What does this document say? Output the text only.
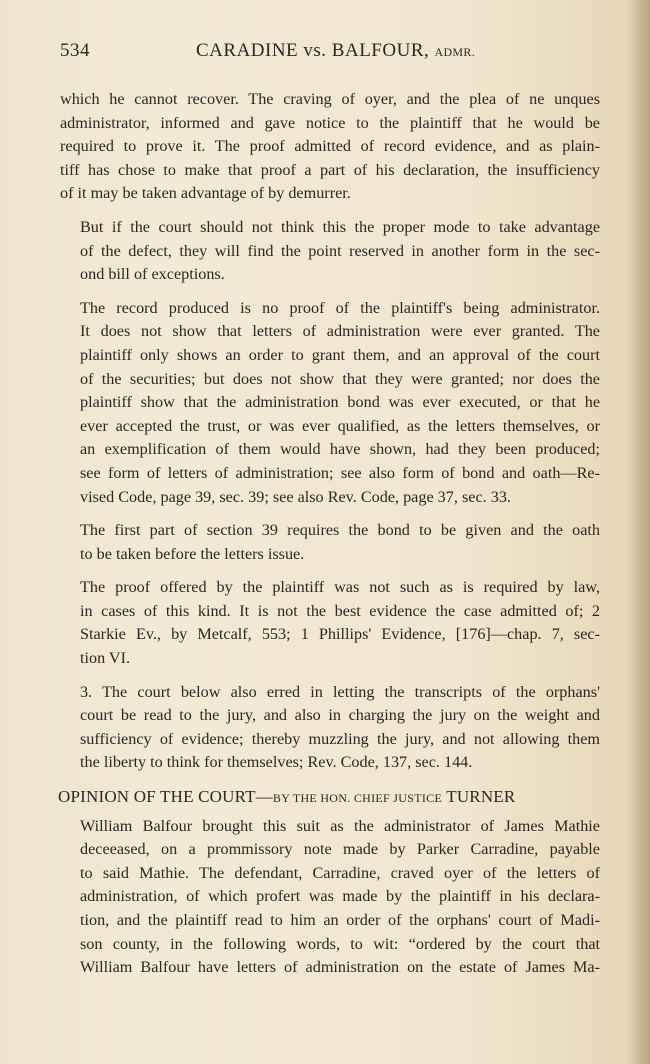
534	CARADINE vs. BALFOUR, ADMR.

which he cannot recover. The craving of oyer, and the plea of ne unques
administrator, informed and gave notice to the plaintiff that he would be
required to prove it. The proof admitted of record evidence, and as plain-
tiff has chose to make that proof a part of his declaration, the insufficiency
of it may be taken advantage of by demurrer.

But if the court should not think this the proper mode to take advantage
of the defect, they will find the point reserved in another form in the sec-
ond bill of exceptions.

The record produced is no proof of the plaintiff's being administrator.
It does not show that letters of administration were ever granted. The
plaintiff only shows an order to grant them, and an approval of the court
of the securities; but does not show that they were granted; nor does the
plaintiff show that the administration bond was ever executed, or that he
ever accepted the trust, or was ever qualified, as the letters themselves, or
an exemplification of them would have shown, had they been produced;
see form of letters of administration; see also form of bond and oath—Re-
vised Code, page 39, sec. 39; see also Rev. Code, page 37, sec. 33.

The first part of section 39 requires the bond to be given and the oath
to be taken before the letters issue.

The proof offered by the plaintiff was not such as is required by law,
in cases of this kind. It is not the best evidence the case admitted of; 2
Starkie Ev., by Metcalf, 553; 1 Phillips' Evidence, [176]—chap. 7, sec-
tion VI.

3. The court below also erred in letting the transcripts of the orphans'
court be read to the jury, and also in charging the jury on the weight and
sufficiency of evidence; thereby muzzling the jury, and not allowing them
the liberty to think for themselves; Rev. Code, 137, sec. 144.

OPINION OF THE COURT—BY THE HON. CHIEF JUSTICE TURNER

William Balfour brought this suit as the administrator of James Mathie
deceeased, on a prommissory note made by Parker Carradine, payable
to said Mathie. The defendant, Carradine, craved oyer of the letters of
administration, of which profert was made by the plaintiff in his declara-
tion, and the plaintiff read to him an order of the orphans' court of Madi-
son county, in the following words, to wit: “ordered by the court that
William Balfour have letters of administration on the estate of James Ma-
